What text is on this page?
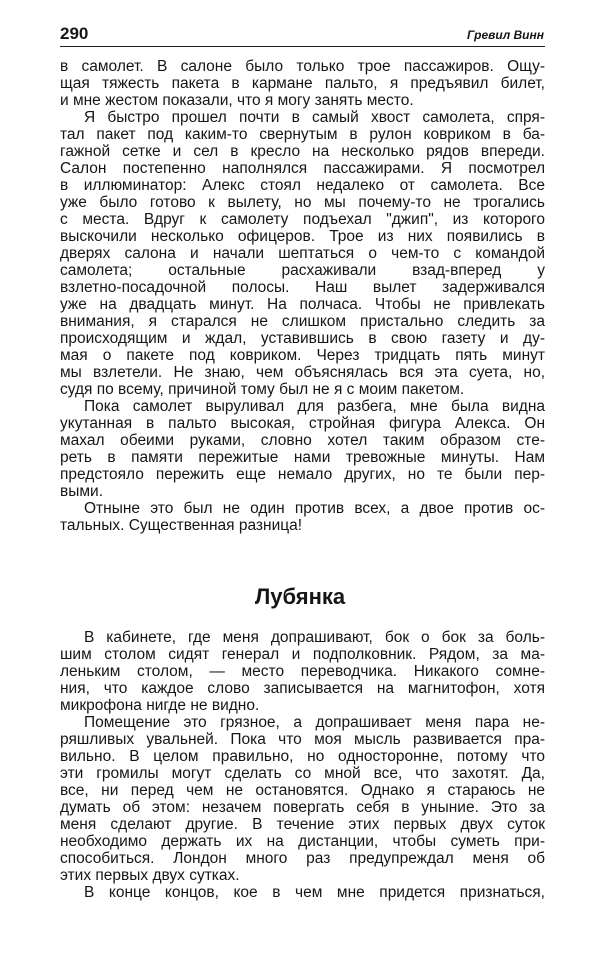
290	Гревил Винн
в самолет. В салоне было только трое пассажиров. Ощу-
щая тяжесть пакета в кармане пальто, я предъявил билет,
и мне жестом показали, что я могу занять место.
Я быстро прошел почти в самый хвост самолета, спря-
тал пакет под каким-то свернутым в рулон ковриком в ба-
гажной сетке и сел в кресло на несколько рядов впереди.
Салон постепенно наполнялся пассажирами. Я посмотрел
в иллюминатор: Алекс стоял недалеко от самолета. Все
уже было готово к вылету, но мы почему-то не трогались
с места. Вдруг к самолету подъехал "джип", из которого
выскочили несколько офицеров. Трое из них появились в
дверях салона и начали шептаться о чем-то с командой
самолета; остальные расхаживали взад-вперед у
взлетно-посадочной полосы. Наш вылет задерживался
уже на двадцать минут. На полчаса. Чтобы не привлекать
внимания, я старался не слишком пристально следить за
происходящим и ждал, уставившись в свою газету и ду-
мая о пакете под ковриком. Через тридцать пять минут
мы взлетели. Не знаю, чем объяснялась вся эта суета, но,
судя по всему, причиной тому был не я с моим пакетом.
Пока самолет выруливал для разбега, мне была видна
укутанная в пальто высокая, стройная фигура Алекса. Он
махал обеими руками, словно хотел таким образом сте-
реть в памяти пережитые нами тревожные минуты. Нам
предстояло пережить еще немало других, но те были пер-
выми.
Отныне это был не один против всех, а двое против ос-
тальных. Существенная разница!
Лубянка
В кабинете, где меня допрашивают, бок о бок за боль-
шим столом сидят генерал и подполковник. Рядом, за ма-
леньким столом, — место переводчика. Никакого сомне-
ния, что каждое слово записывается на магнитофон, хотя
микрофона нигде не видно.
Помещение это грязное, а допрашивает меня пара не-
ряшливых увальней. Пока что моя мысль развивается пра-
вильно. В целом правильно, но односторонне, потому что
эти громилы могут сделать со мной все, что захотят. Да,
все, ни перед чем не остановятся. Однако я стараюсь не
думать об этом: незачем повергать себя в уныние. Это за
меня сделают другие. В течение этих первых двух суток
необходимо держать их на дистанции, чтобы суметь при-
способиться. Лондон много раз предупреждал меня об
этих первых двух сутках.
В конце концов, кое в чем мне придется признаться,
